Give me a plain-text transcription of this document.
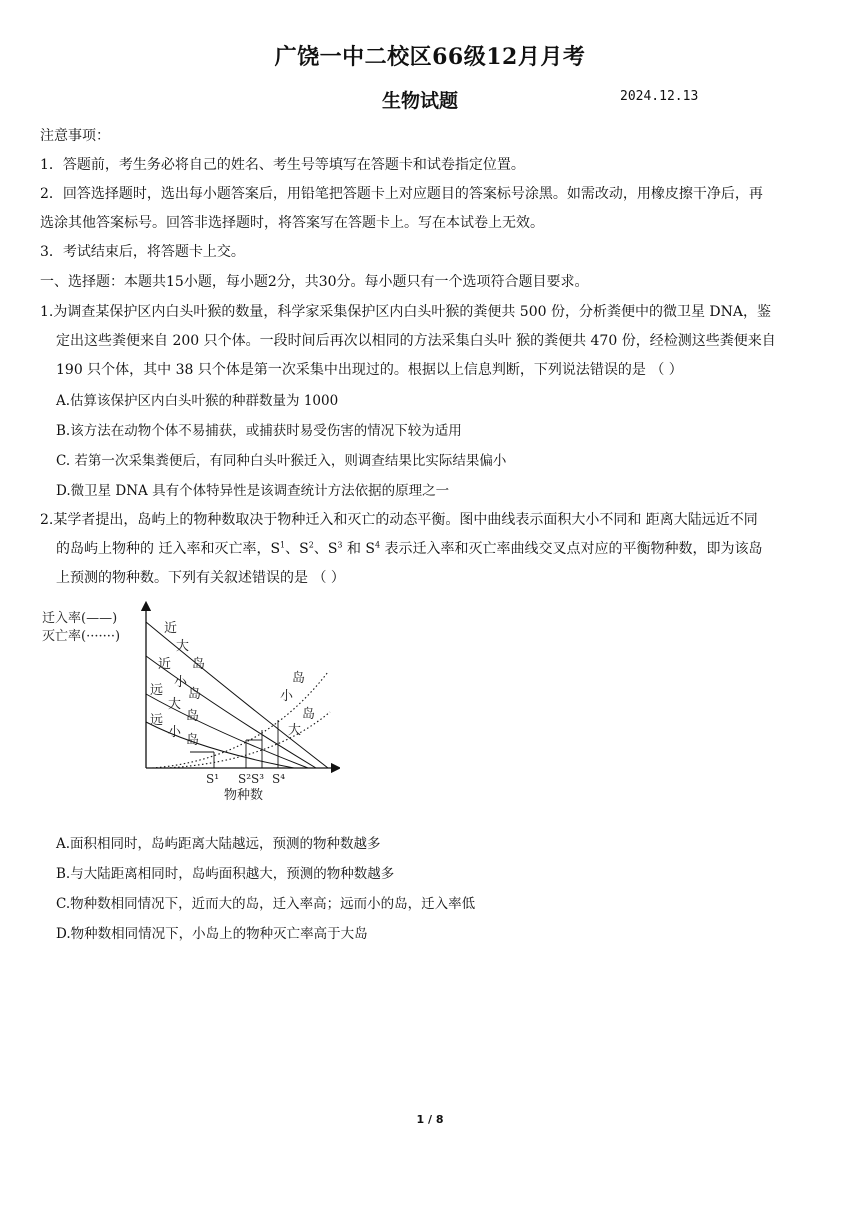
广饶一中二校区66级12月月考
生物试题	2024.12.13
注意事项：
1．答题前，考生务必将自己的姓名、考生号等填写在答题卡和试卷指定位置。
2．回答选择题时，选出每小题答案后，用铅笔把答题卡上对应题目的答案标号涂黑。如需改动，用橡皮擦干净后，再
选涂其他答案标号。回答非选择题时，将答案写在答题卡上。写在本试卷上无效。
3．考试结束后，将答题卡上交。
一、选择题：本题共15小题，每小题2分，共30分。每小题只有一个选项符合题目要求。
1.为调查某保护区内白头叶猴的数量，科学家采集保护区内白头叶猴的粪便共 500 份，分析粪便中的微卫星 DNA，鉴
定出这些粪便来自 200 只个体。一段时间后再次以相同的方法采集白头叶 猴的粪便共 470 份，经检测这些粪便来自
190 只个体，其中 38 只个体是第一次采集中出现过的。根据以上信息判断，下列说法错误的是 （ ）
A.估算该保护区内白头叶猴的种群数量为 1000
B.该方法在动物个体不易捕获，或捕获时易受伤害的情况下较为适用
C. 若第一次采集粪便后，有同种白头叶猴迁入，则调查结果比实际结果偏小
D.微卫星 DNA 具有个体特异性是该调查统计方法依据的原理之一
2.某学者提出，岛屿上的物种数取决于物种迁入和灭亡的动态平衡。图中曲线表示面积大小不同和 距离大陆远近不同
的岛屿上物种的 迁入率和灭亡率，$S^1$、$S^2$、$S^3$ 和 $S^4$ 表示迁入率和灭亡率曲线交叉点对应的平衡物种数，即为该岛
上预测的物种数。下列有关叙述错误的是 （ ）
迁入率(——)
灭亡率(·······)
近
大
岛
近
小
岛
远
大
岛
远
小
岛
岛
小
岛
大
S¹ S²S³ S⁴
物种数
A.面积相同时，岛屿距离大陆越远，预测的物种数越多
B.与大陆距离相同时，岛屿面积越大，预测的物种数越多
C.物种数相同情况下，近而大的岛，迁入率高；远而小的岛，迁入率低
D.物种数相同情况下，小岛上的物种灭亡率高于大岛
1 / 8
